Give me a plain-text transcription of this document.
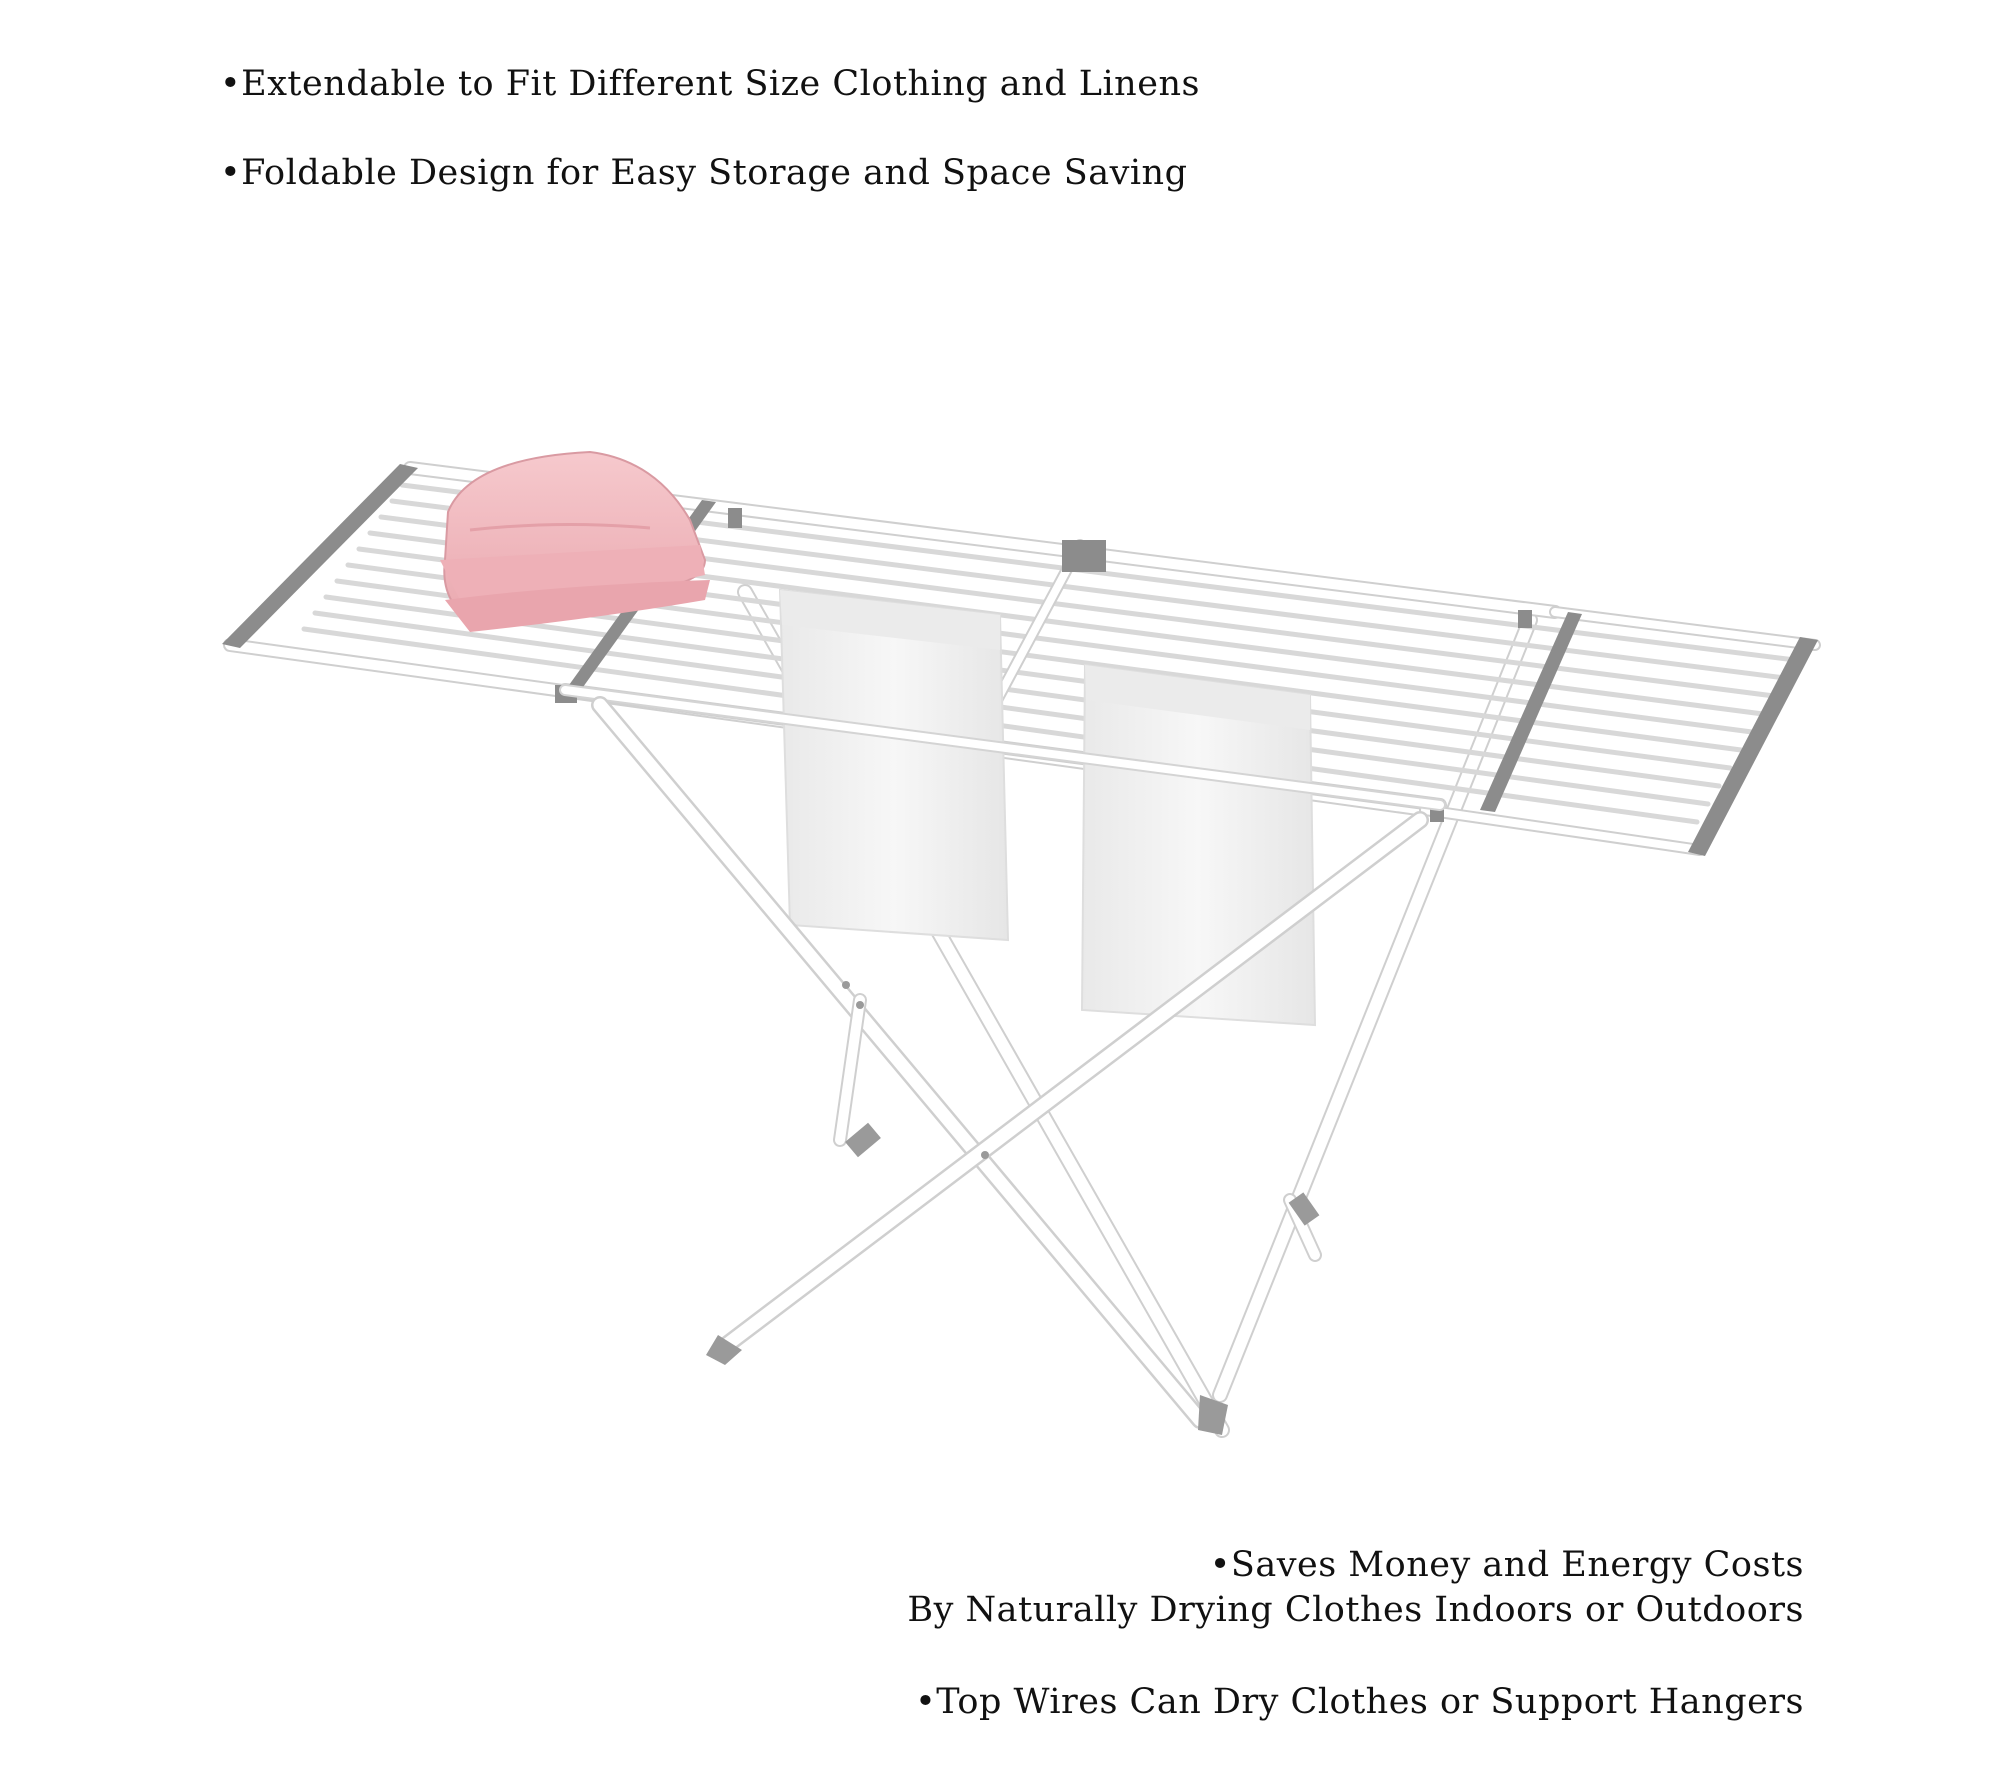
•Extendable to Fit Different Size Clothing and Linens
•Foldable Design for Easy Storage and Space Saving
•Saves Money and Energy Costs
By Naturally Drying Clothes Indoors or Outdoors
•Top Wires Can Dry Clothes or Support Hangers
